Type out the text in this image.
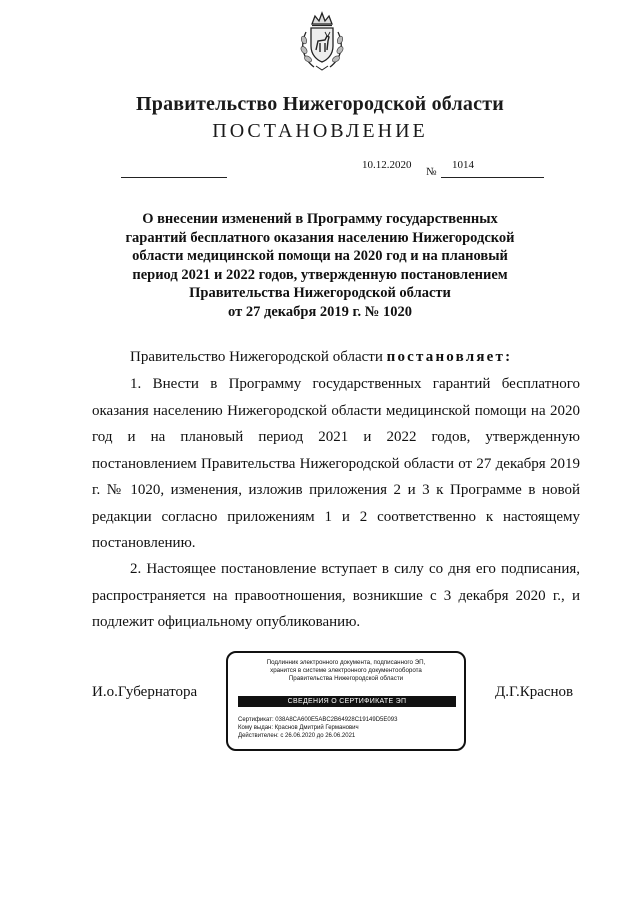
Правительство Нижегородской области
ПОСТАНОВЛЕНИЕ
10.12.2020
№
1014
О внесении изменений в Программу государственных
гарантий бесплатного оказания населению Нижегородской
области медицинской помощи на 2020 год и на плановый
период 2021 и 2022 годов, утвержденную постановлением
Правительства Нижегородской области
от 27 декабря 2019 г. № 1020
Правительство Нижегородской области постановляет:
1. Внести в Программу государственных гарантий бесплатного оказания населению Нижегородской области медицинской помощи на 2020 год и на плановый период 2021 и 2022 годов, утвержденную постановлением Правительства Нижегородской области от 27 декабря 2019 г. № 1020, изменения, изложив приложения 2 и 3 к Программе в новой редакции согласно приложениям 1 и 2 соответственно к настоящему постановлению.
2. Настоящее постановление вступает в силу со дня его подписания, распространяется на правоотношения, возникшие с 3 декабря 2020 г., и подлежит официальному опубликованию.
И.о.Губернатора	Д.Г.Краснов
Подлинник электронного документа, подписанного ЭП,
хранится в системе электронного документооборота
Правительства Нижегородской области
СВЕДЕНИЯ О СЕРТИФИКАТЕ ЭП
Сертификат: 038A8CA600E5ABC2B64928C19149D5E093
Кому выдан: Краснов Дмитрий Германович
Действителен: с 26.06.2020 до 26.06.2021
